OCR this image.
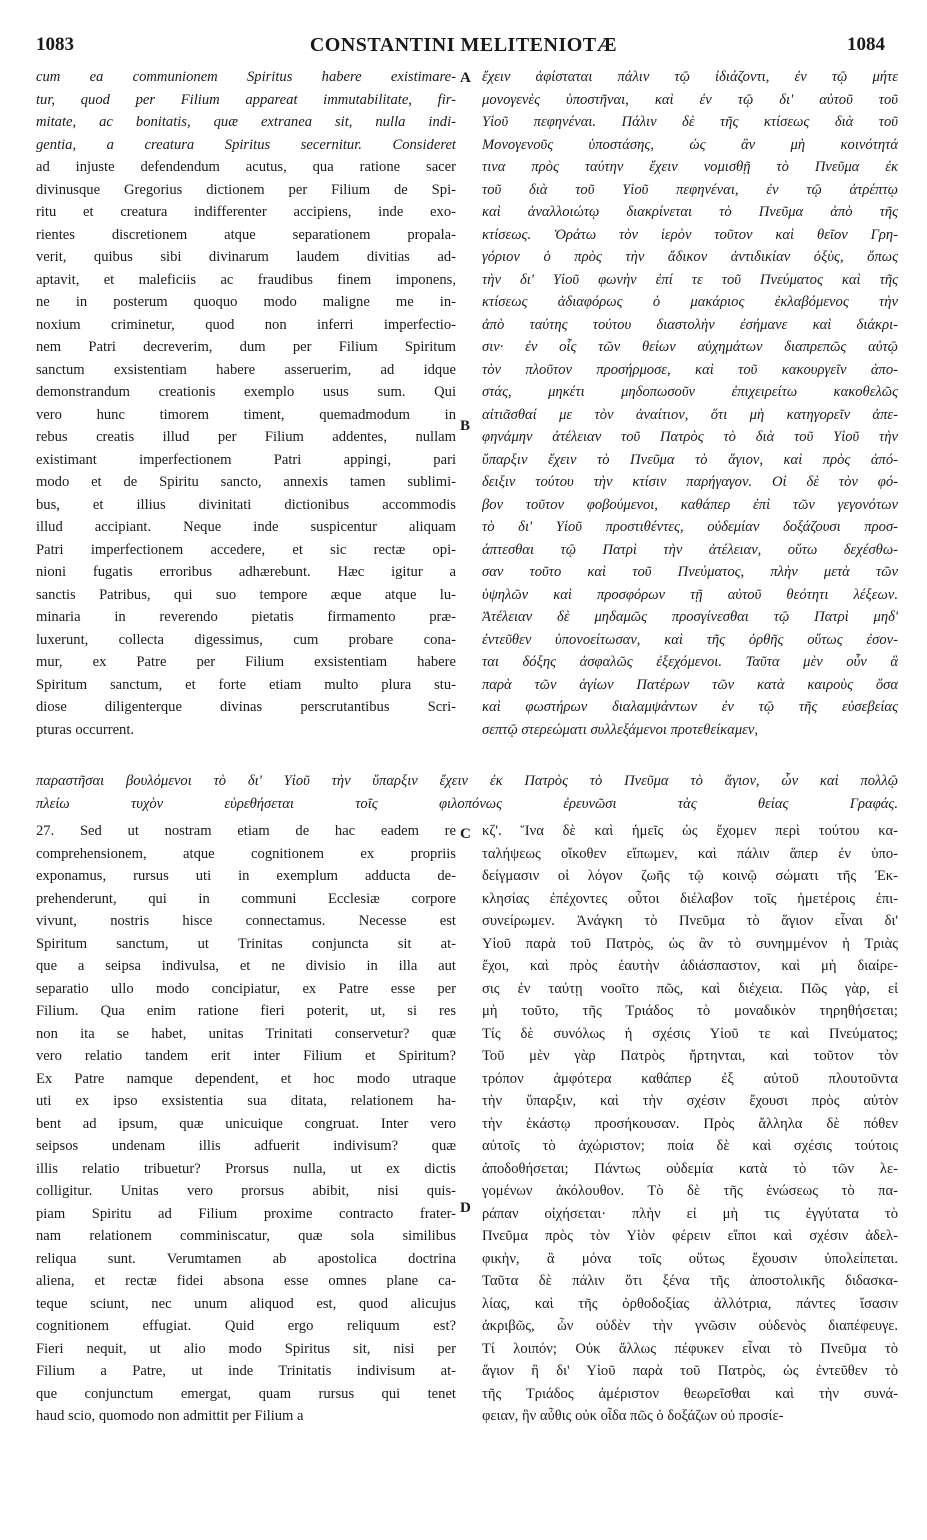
1083	CONSTANTINI MELITENIOTÆ	1084
A
B
C
D
cum ea communionem Spiritus habere existimare-
tur, quod per Filium appareat immutabilitate, fir-
mitate, ac bonitatis, quæ extranea sit, nulla indi-
gentia, a creatura Spiritus secernitur. Consideret
ad injuste defendendum acutus, qua ratione sacer
divinusque Gregorius dictionem per Filium de Spi-
ritu et creatura indifferenter accipiens, inde exo-
rientes discretionem atque separationem propala-
verit, quibus sibi divinarum laudem divitias ad-
aptavit, et maleficiis ac fraudibus finem imponens,
ne in posterum quoquo modo maligne me in-
noxium criminetur, quod non inferri imperfectio-
nem Patri decreverim, dum per Filium Spiritum
sanctum exsistentiam habere asseruerim, ad idque
demonstrandum creationis exemplo usus sum. Qui
vero hunc timorem timent, quemadmodum in
rebus creatis illud per Filium addentes, nullam
existimant imperfectionem Patri appingi, pari
modo et de Spiritu sancto, annexis tamen sublimi-
bus, et illius divinitati dictionibus accommodis
illud accipiant. Neque inde suspicentur aliquam
Patri imperfectionem accedere, et sic rectæ opi-
nioni fugatis erroribus adhærebunt. Hæc igitur a
sanctis Patribus, qui suo tempore æque atque lu-
minaria in reverendo pietatis firmamento præ-
luxerunt, collecta digessimus, cum probare cona-
mur, ex Patre per Filium exsistentiam habere
Spiritum sanctum, et forte etiam multo plura stu-
diose diligenterque divinas perscrutantibus Scri-
pturas occurrent.
ἔχειν ἀφίσταται πάλιν τῷ ἰδιάζοντι, ἐν τῷ μήτε
μονογενὲς ὑποστῆναι, καὶ ἐν τῷ δι' αὐτοῦ τοῦ
Υἱοῦ πεφηνέναι. Πάλιν δὲ τῆς κτίσεως διὰ τοῦ
Μονογενοῦς ὑποστάσης, ὡς ἂν μὴ κοινότητά
τινα πρὸς ταύτην ἔχειν νομισθῇ τὸ Πνεῦμα ἐκ
τοῦ διὰ τοῦ Υἱοῦ πεφηνέναι, ἐν τῷ ἀτρέπτῳ
καὶ ἀναλλοιώτῳ διακρίνεται τὸ Πνεῦμα ἀπὸ τῆς
κτίσεως. Ὁράτω τὸν ἱερὸν τοῦτον καὶ θεῖον Γρη-
γόριον ὁ πρὸς τὴν ἄδικον ἀντιδικίαν ὀξὺς, ὅπως
τὴν δι' Υἱοῦ φωνὴν ἐπί τε τοῦ Πνεύματος καὶ τῆς
κτίσεως ἀδιαφόρως ὁ μακάριος ἐκλαβόμενος τὴν
ἀπὸ ταύτης τούτου διαστολὴν ἐσήμανε καὶ διάκρι-
σιν· ἐν οἷς τῶν θείων αὐχημάτων διαπρεπῶς αὐτῷ
τὸν πλοῦτον προσήρμοσε, καὶ τοῦ κακουργεῖν ἀπο-
στάς, μηκέτι μηδοπωσοῦν ἐπιχειρείτω κακοθελῶς
αἰτιᾶσθαί με τὸν ἀναίτιον, ὅτι μὴ κατηγορεῖν ἀπε-
φηνάμην ἀτέλειαν τοῦ Πατρὸς τὸ διὰ τοῦ Υἱοῦ τὴν
ὕπαρξιν ἔχειν τὸ Πνεῦμα τὸ ἅγιον, καὶ πρὸς ἀπό-
δειξιν τούτου τὴν κτίσιν παρήγαγον. Οἱ δὲ τὸν φό-
βον τοῦτον φοβούμενοι, καθάπερ ἐπὶ τῶν γεγονότων
τὸ δι' Υἱοῦ προστιθέντες, οὐδεμίαν δοξάζουσι προσ-
άπτεσθαι τῷ Πατρὶ τὴν ἀτέλειαν, οὕτω δεχέσθω-
σαν τοῦτο καὶ τοῦ Πνεύματος, πλὴν μετὰ τῶν
ὑψηλῶν καὶ προσφόρων τῇ αὐτοῦ θεότητι λέξεων.
Ἀτέλειαν δὲ μηδαμῶς προσγίνεσθαι τῷ Πατρὶ μηδ'
ἐντεῦθεν ὑπονοείτωσαν, καὶ τῆς ὀρθῆς οὕτως ἐσον-
ται δόξης ἀσφαλῶς ἐξεχόμενοι. Ταῦτα μὲν οὖν ἃ
παρὰ τῶν ἁγίων Πατέρων τῶν κατὰ καιροὺς ὅσα
καὶ φωστήρων διαλαμψάντων ἐν τῷ τῆς εὐσεβείας
σεπτῷ στερεώματι συλλεξάμενοι προτεθείκαμεν,
παραστῆσαι βουλόμενοι τὸ δι' Υἱοῦ τὴν ὕπαρξιν ἔχειν ἐκ Πατρὸς τὸ Πνεῦμα τὸ ἅγιον, ὧν καὶ πολλῷ
πλείω τυχὸν εὑρεθήσεται τοῖς φιλοπόνως ἐρευνῶσι τὰς θείας Γραφάς.
27. Sed ut nostram etiam de hac eadem re
comprehensionem, atque cognitionem ex propriis
exponamus, rursus uti in exemplum adducta de-
prehenderunt, qui in communi Ecclesiæ corpore
vivunt, nostris hisce connectamus. Necesse est
Spiritum sanctum, ut Trinitas conjuncta sit at-
que a seipsa indivulsa, et ne divisio in illa aut
separatio ullo modo concipiatur, ex Patre esse per
Filium. Qua enim ratione fieri poterit, ut, si res
non ita se habet, unitas Trinitati conservetur? quæ
vero relatio tandem erit inter Filium et Spiritum?
Ex Patre namque dependent, et hoc modo utraque
uti ex ipso exsistentia sua ditata, relationem ha-
bent ad ipsum, quæ unicuique congruat. Inter vero
seipsos undenam illis adfuerit indivisum? quæ
illis relatio tribuetur? Prorsus nulla, ut ex dictis
colligitur. Unitas vero prorsus abibit, nisi quis-
piam Spiritu ad Filium proxime contracto frater-
nam relationem comminiscatur, quæ sola similibus
reliqua sunt. Verumtamen ab apostolica doctrina
aliena, et rectæ fidei absona esse omnes plane ca-
teque sciunt, nec unum aliquod est, quod alicujus
cognitionem effugiat. Quid ergo reliquum est?
Fieri nequit, ut alio modo Spiritus sit, nisi per
Filium a Patre, ut inde Trinitatis indivisum at-
que conjunctum emergat, quam rursus qui tenet
haud scio, quomodo non admittit per Filium a
κζ'. Ἵνα δὲ καὶ ἡμεῖς ὡς ἔχομεν περὶ τούτου κα-
ταλήψεως οἴκοθεν εἴπωμεν, καὶ πάλιν ἅπερ ἐν ὑπο-
δείγμασιν οἱ λόγον ζωῆς τῷ κοινῷ σώματι τῆς Ἐκ-
κλησίας ἐπέχοντες οὗτοι διέλαβον τοῖς ἡμετέροις ἐπι-
συνείρωμεν. Ἀνάγκη τὸ Πνεῦμα τὸ ἅγιον εἶναι δι'
Υἱοῦ παρὰ τοῦ Πατρὸς, ὡς ἂν τὸ συνημμένον ἡ Τριὰς
ἔχοι, καὶ πρὸς ἑαυτὴν ἀδιάσπαστον, καὶ μὴ διαίρε-
σις ἐν ταύτῃ νοοῖτο πῶς, καὶ διέχεια. Πῶς γὰρ, εἰ
μὴ τοῦτο, τῆς Τριάδος τὸ μοναδικὸν τηρηθήσεται;
Τίς δὲ συνόλως ἡ σχέσις Υἱοῦ τε καὶ Πνεύματος;
Τοῦ μὲν γὰρ Πατρὸς ἤρτηνται, καὶ τοῦτον τὸν
τρόπον ἀμφότερα καθάπερ ἐξ αὐτοῦ πλουτοῦντα
τὴν ὕπαρξιν, καὶ τὴν σχέσιν ἔχουσι πρὸς αὐτὸν
τὴν ἑκάστῳ προσήκουσαν. Πρὸς ἄλληλα δὲ πόθεν
αὐτοῖς τὸ ἀχώριστον; ποία δὲ καὶ σχέσις τούτοις
ἀποδοθήσεται; Πάντως οὐδεμία κατὰ τὸ τῶν λε-
γομένων ἀκόλουθον. Τὸ δὲ τῆς ἑνώσεως τὸ πα-
ράπαν οἰχήσεται· πλὴν εἰ μὴ τις ἐγγύτατα τὸ
Πνεῦμα πρὸς τὸν Υἱὸν φέρειν εἴποι καὶ σχέσιν ἀδελ-
φικὴν, ἃ μόνα τοῖς οὕτως ἔχουσιν ὑπολείπεται.
Ταῦτα δὲ πάλιν ὅτι ξένα τῆς ἀποστολικῆς διδασκα-
λίας, καὶ τῆς ὀρθοδοξίας ἀλλότρια, πάντες ἴσασιν
ἀκριβῶς, ὧν οὐδὲν τὴν γνῶσιν οὐδενὸς διαπέφευγε.
Τί λοιπόν; Οὐκ ἄλλως πέφυκεν εἶναι τὸ Πνεῦμα τὸ
ἅγιον ἢ δι' Υἱοῦ παρὰ τοῦ Πατρὸς, ὡς ἐντεῦθεν τὸ
τῆς Τριάδος ἀμέριστον θεωρεῖσθαι καὶ τὴν συνά-
φειαν, ἣν αὖθις οὐκ οἶδα πῶς ὁ δοξάζων οὐ προσίε-
